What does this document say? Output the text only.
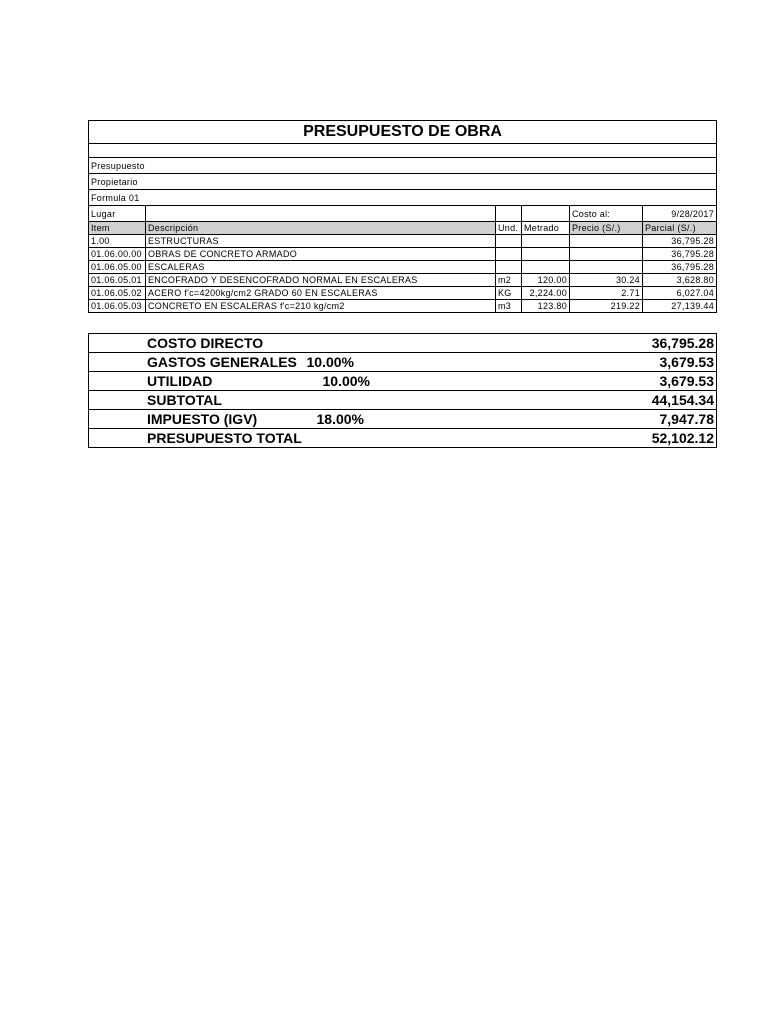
PRESUPUESTO DE OBRA					

Presupuesto					
Propietario					
Formula 01					
Lugar				Costo al:	9/28/2017
Item	Descripción	Und.	Metrado	Precio (S/.)	Parcial (S/.)
1.00	ESTRUCTURAS				36,795.28
01.06.00.00	OBRAS DE CONCRETO ARMADO				36,795.28
01.06.05.00	ESCALERAS				36,795.28
01.06.05.01	ENCOFRADO Y DESENCOFRADO NORMAL EN ESCALERAS	m2	120.00	30.24	3,628.80
01.06.05.02	ACERO f'c=4200kg/cm2 GRADO 60 EN ESCALERAS	KG	2,224.00	2.71	6,027.04
01.06.05.03	CONCRETO EN ESCALERAS f'c=210 kg/cm2	m3	123.80	219.22	27,139.44
COSTO DIRECTO		36,795.28
GASTOS GENERALES	10.00%	3,679.53
UTILIDAD	10.00%	3,679.53
SUBTOTAL		44,154.34
IMPUESTO (IGV)	18.00%	7,947.78
PRESUPUESTO TOTAL		52,102.12
